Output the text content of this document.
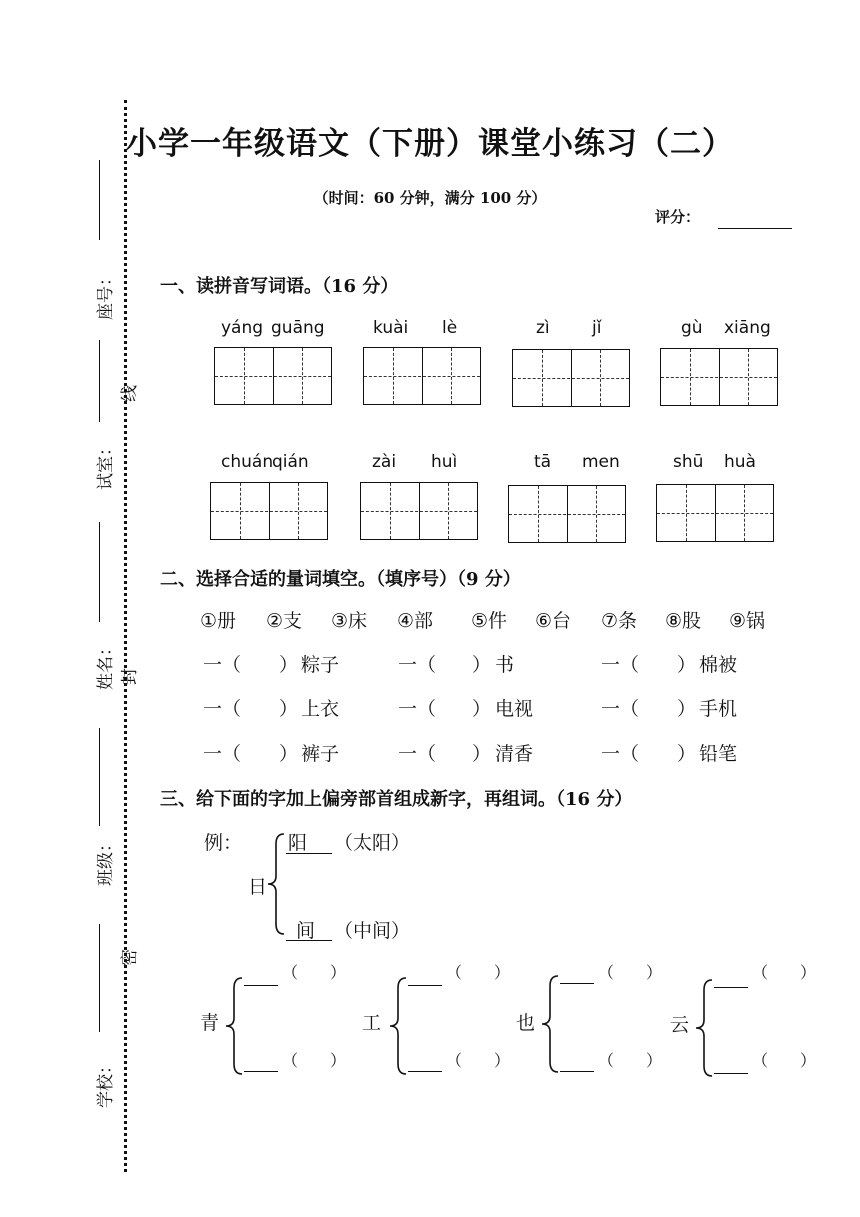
座号：
试室：
姓名：
班级：
学校：
线
封
密
小学一年级语文（下册）课堂小练习（二）
（时间：60 分钟，满分 100 分）
评分：
一、读拼音写词语。（16 分）
yáng guāng	kuài lè	zì jǐ	gù xiāng
chuán
qián	zài huì	tā men	shū huà
二、选择合适的量词填空。（填序号）（9 分）
①册 ②支 ③床 ④部 ⑤件 ⑥台 ⑦条 ⑧股 ⑨锅
一（ ） 粽子	一（ ） 书	一（ ） 棉被
一（ ） 上衣	一（ ） 电视	一（ ） 手机
一（ ） 裤子	一（ ） 清香	一（ ） 铅笔
三、给下面的字加上偏旁部首组成新字，再组词。（16 分）
例：
日
阳 （太阳）
间 （中间）
青
（　　）
（　　）
工
（　　）
（　　）
也
（　　）
（　　）
云
（　　）
（　　）
